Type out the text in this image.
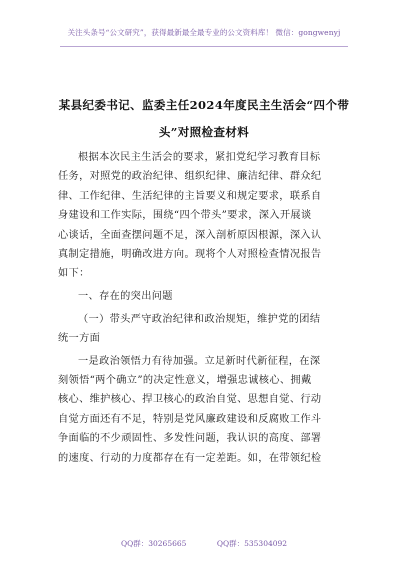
关注头条号“公文研究”，获得最新最全最专业的公文资料库！ 微信：gongwenyj
某县纪委书记、监委主任2024年度民主生活会“四个带
头”对照检查材料
根据本次民主生活会的要求，紧扣党纪学习教育目标
任务，对照党的政治纪律、组织纪律、廉洁纪律、群众纪
律、工作纪律、生活纪律的主旨要义和规定要求，联系自
身建设和工作实际，围绕“四个带头”要求，深入开展谈
心谈话，全面查摆问题不足，深入剖析原因根源，深入认
真制定措施，明确改进方向。现将个人对照检查情况报告
如下：
一、存在的突出问题
（一）带头严守政治纪律和政治规矩，维护党的团结
统一方面
一是政治领悟力有待加强。立足新时代新征程，在深
刻领悟“两个确立”的决定性意义，增强忠诚核心、拥戴
核心、维护核心、捍卫核心的政治自觉、思想自觉、行动
自觉方面还有不足，特别是党风廉政建设和反腐败工作斗
争面临的不少顽固性、多发性问题，我认识的高度、部署
的速度、行动的力度都存在有一定差距。如，在带领纪检
QQ群：30265665	QQ群：535304092
